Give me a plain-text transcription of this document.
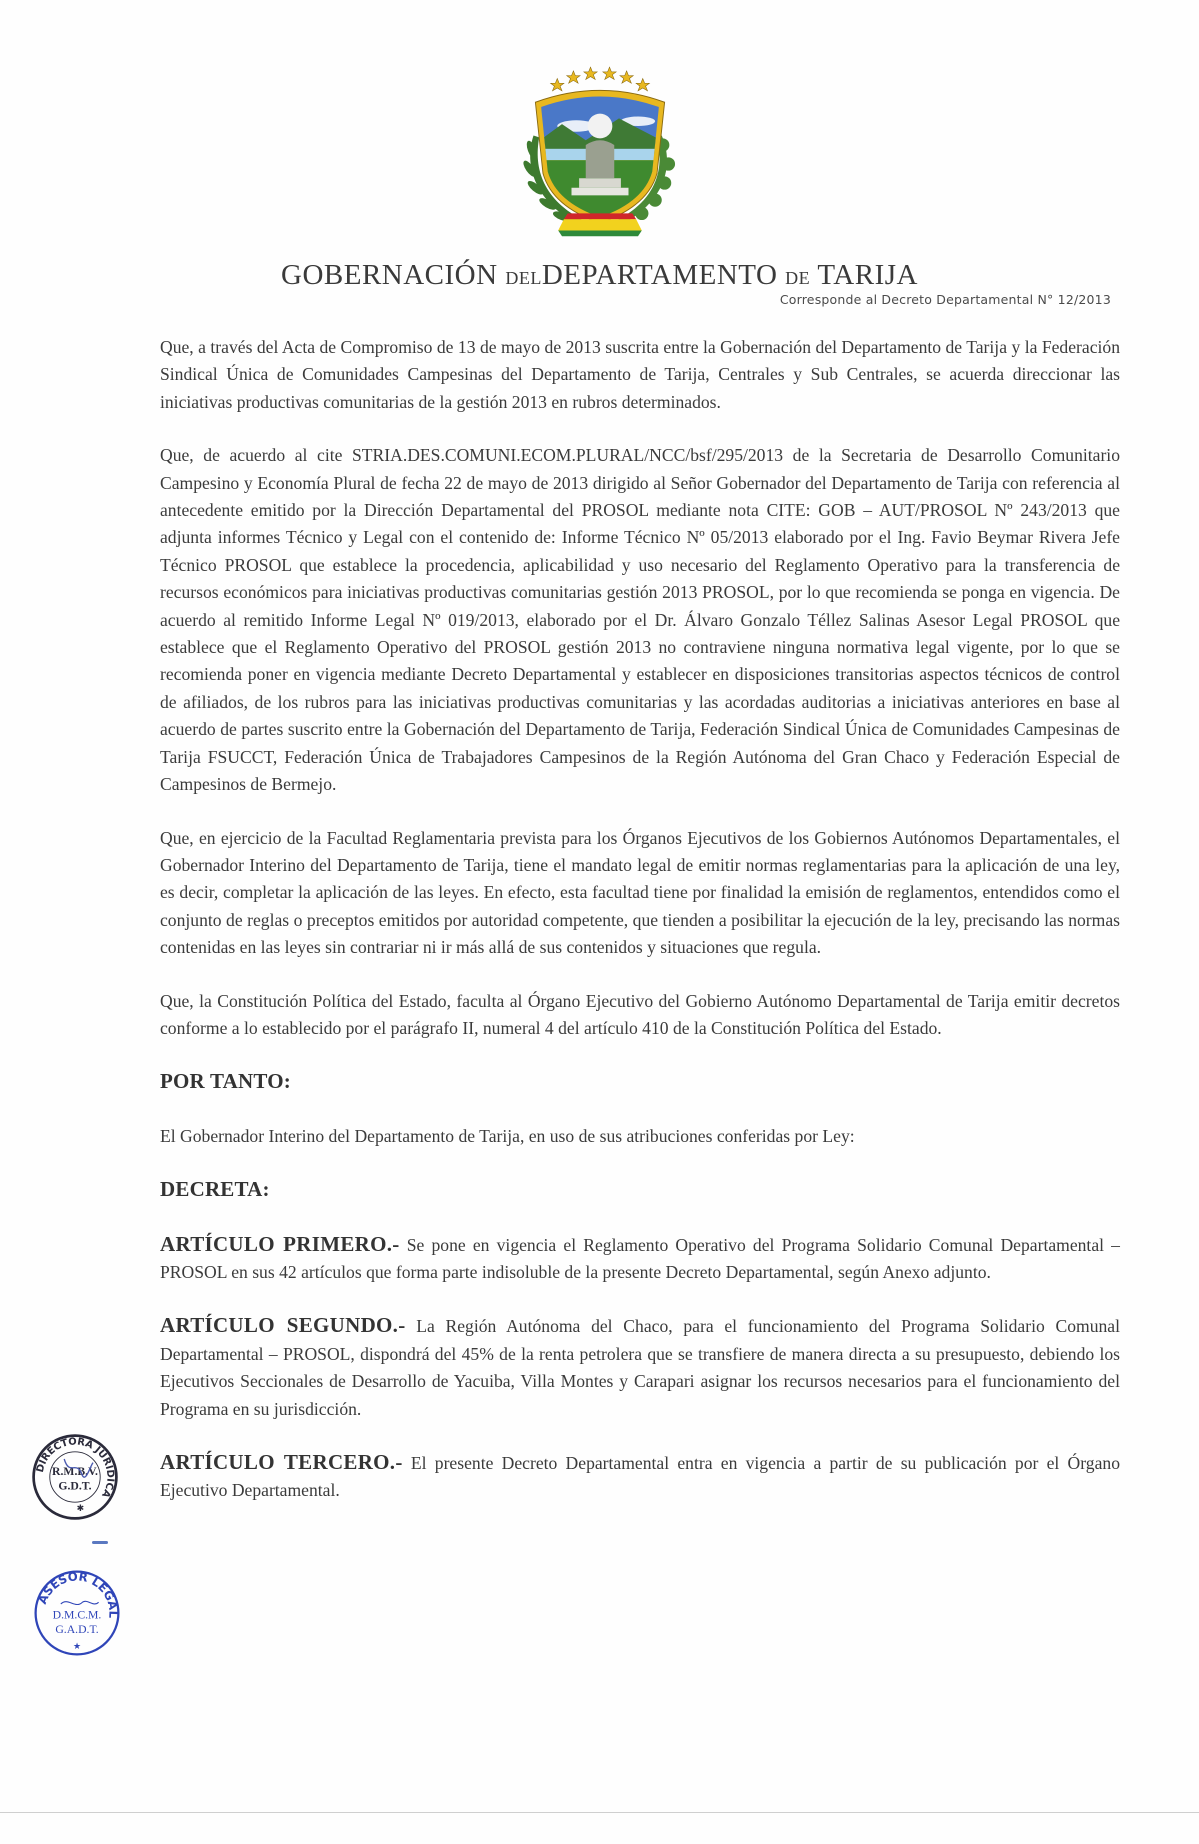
GOBERNACIÓN DELDEPARTAMENTO DE TARIJA
Corresponde al Decreto Departamental N° 12/2013

Que, a través del Acta de Compromiso de 13 de mayo de 2013 suscrita entre la Gobernación del Departamento de Tarija y la Federación Sindical Única de Comunidades Campesinas del Departamento de Tarija, Centrales y Sub Centrales, se acuerda direccionar las iniciativas productivas comunitarias de la gestión 2013 en rubros determinados.

Que, de acuerdo al cite STRIA.DES.COMUNI.ECOM.PLURAL/NCC/bsf/295/2013 de la Secretaria de Desarrollo Comunitario Campesino y Economía Plural de fecha 22 de mayo de 2013 dirigido al Señor Gobernador del Departamento de Tarija con referencia al antecedente emitido por la Dirección Departamental del PROSOL mediante nota CITE: GOB – AUT/PROSOL Nº 243/2013 que adjunta informes Técnico y Legal con el contenido de: Informe Técnico Nº 05/2013 elaborado por el Ing. Favio Beymar Rivera Jefe Técnico PROSOL que establece la procedencia, aplicabilidad y uso necesario del Reglamento Operativo para la transferencia de recursos económicos para iniciativas productivas comunitarias gestión 2013 PROSOL, por lo que recomienda se ponga en vigencia. De acuerdo al remitido Informe Legal Nº 019/2013, elaborado por el Dr. Álvaro Gonzalo Téllez Salinas Asesor Legal PROSOL que establece que el Reglamento Operativo del PROSOL gestión 2013 no contraviene ninguna normativa legal vigente, por lo que se recomienda poner en vigencia mediante Decreto Departamental y establecer en disposiciones transitorias aspectos técnicos de control de afiliados, de los rubros para las iniciativas productivas comunitarias y las acordadas auditorias a iniciativas anteriores en base al acuerdo de partes suscrito entre la Gobernación del Departamento de Tarija, Federación Sindical Única de Comunidades Campesinas de Tarija FSUCCT, Federación Única de Trabajadores Campesinos de la Región Autónoma del Gran Chaco y Federación Especial de Campesinos de Bermejo.

Que, en ejercicio de la Facultad Reglamentaria prevista para los Órganos Ejecutivos de los Gobiernos Autónomos Departamentales, el Gobernador Interino del Departamento de Tarija, tiene el mandato legal de emitir normas reglamentarias para la aplicación de una ley, es decir, completar la aplicación de las leyes. En efecto, esta facultad tiene por finalidad la emisión de reglamentos, entendidos como el conjunto de reglas o preceptos emitidos por autoridad competente, que tienden a posibilitar la ejecución de la ley, precisando las normas contenidas en las leyes sin contrariar ni ir más allá de sus contenidos y situaciones que regula.

Que, la Constitución Política del Estado, faculta al Órgano Ejecutivo del Gobierno Autónomo Departamental de Tarija emitir decretos conforme a lo establecido por el parágrafo II, numeral 4 del artículo 410 de la Constitución Política del Estado.

POR TANTO:

El Gobernador Interino del Departamento de Tarija, en uso de sus atribuciones conferidas por Ley:

DECRETA:

ARTÍCULO PRIMERO.- Se pone en vigencia el Reglamento Operativo del Programa Solidario Comunal Departamental – PROSOL en sus 42 artículos que forma parte indisoluble de la presente Decreto Departamental, según Anexo adjunto.

ARTÍCULO SEGUNDO.- La Región Autónoma del Chaco, para el funcionamiento del Programa Solidario Comunal Departamental – PROSOL, dispondrá del 45% de la renta petrolera que se transfiere de manera directa a su presupuesto, debiendo los Ejecutivos Seccionales de Desarrollo de Yacuiba, Villa Montes y Carapari asignar los recursos necesarios para el funcionamiento del Programa en su jurisdicción.

ARTÍCULO TERCERO.- El presente Decreto Departamental entra en vigencia a partir de su publicación por el Órgano Ejecutivo Departamental.

DIRECTORA JURIDICA
R.M.B.V.
G.D.T.
✱
ASESOR LEGAL
D.M.C.M.
G.A.D.T.
★
